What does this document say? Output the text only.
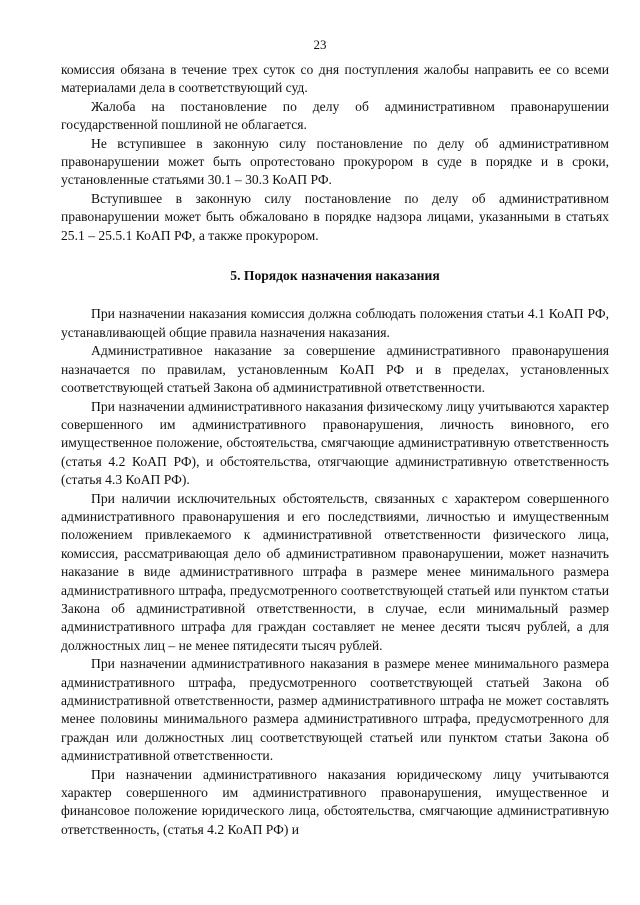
23

комиссия обязана в течение трех суток со дня поступления жалобы направить ее со всеми материалами дела в соответствующий суд.

Жалоба на постановление по делу об административном правонарушении государственной пошлиной не облагается.

Не вступившее в законную силу постановление по делу об административном правонарушении может быть опротестовано прокурором в суде в порядке и в сроки, установленные статьями 30.1 – 30.3 КоАП РФ.

Вступившее в законную силу постановление по делу об административном правонарушении может быть обжаловано в порядке надзора лицами, указанными в статьях 25.1 – 25.5.1 КоАП РФ, а также прокурором.

5. Порядок назначения наказания

При назначении наказания комиссия должна соблюдать положения статьи 4.1 КоАП РФ, устанавливающей общие правила назначения наказания.

Административное наказание за совершение административного правонарушения назначается по правилам, установленным КоАП РФ и в пределах, установленных соответствующей статьей Закона об административной ответственности.

При назначении административного наказания физическому лицу учитываются характер совершенного им административного правонарушения, личность виновного, его имущественное положение, обстоятельства, смягчающие административную ответственность (статья 4.2 КоАП РФ), и обстоятельства, отягчающие административную ответственность (статья 4.3 КоАП РФ).

При наличии исключительных обстоятельств, связанных с характером совершенного административного правонарушения и его последствиями, личностью и имущественным положением привлекаемого к административной ответственности физического лица, комиссия, рассматривающая дело об административном правонарушении, может назначить наказание в виде административного штрафа в размере менее минимального размера административного штрафа, предусмотренного соответствующей статьей или пунктом статьи Закона об административной ответственности, в случае, если минимальный размер административного штрафа для граждан составляет не менее десяти тысяч рублей, а для должностных лиц – не менее пятидесяти тысяч рублей.

При назначении административного наказания в размере менее минимального размера административного штрафа, предусмотренного соответствующей статьей Закона об административной ответственности, размер административного штрафа не может составлять менее половины минимального размера административного штрафа, предусмотренного для граждан или должностных лиц соответствующей статьей или пунктом статьи Закона об административной ответственности.

При назначении административного наказания юридическому лицу учитываются характер совершенного им административного правонарушения, имущественное и финансовое положение юридического лица, обстоятельства, смягчающие административную ответственность, (статья 4.2 КоАП РФ) и
